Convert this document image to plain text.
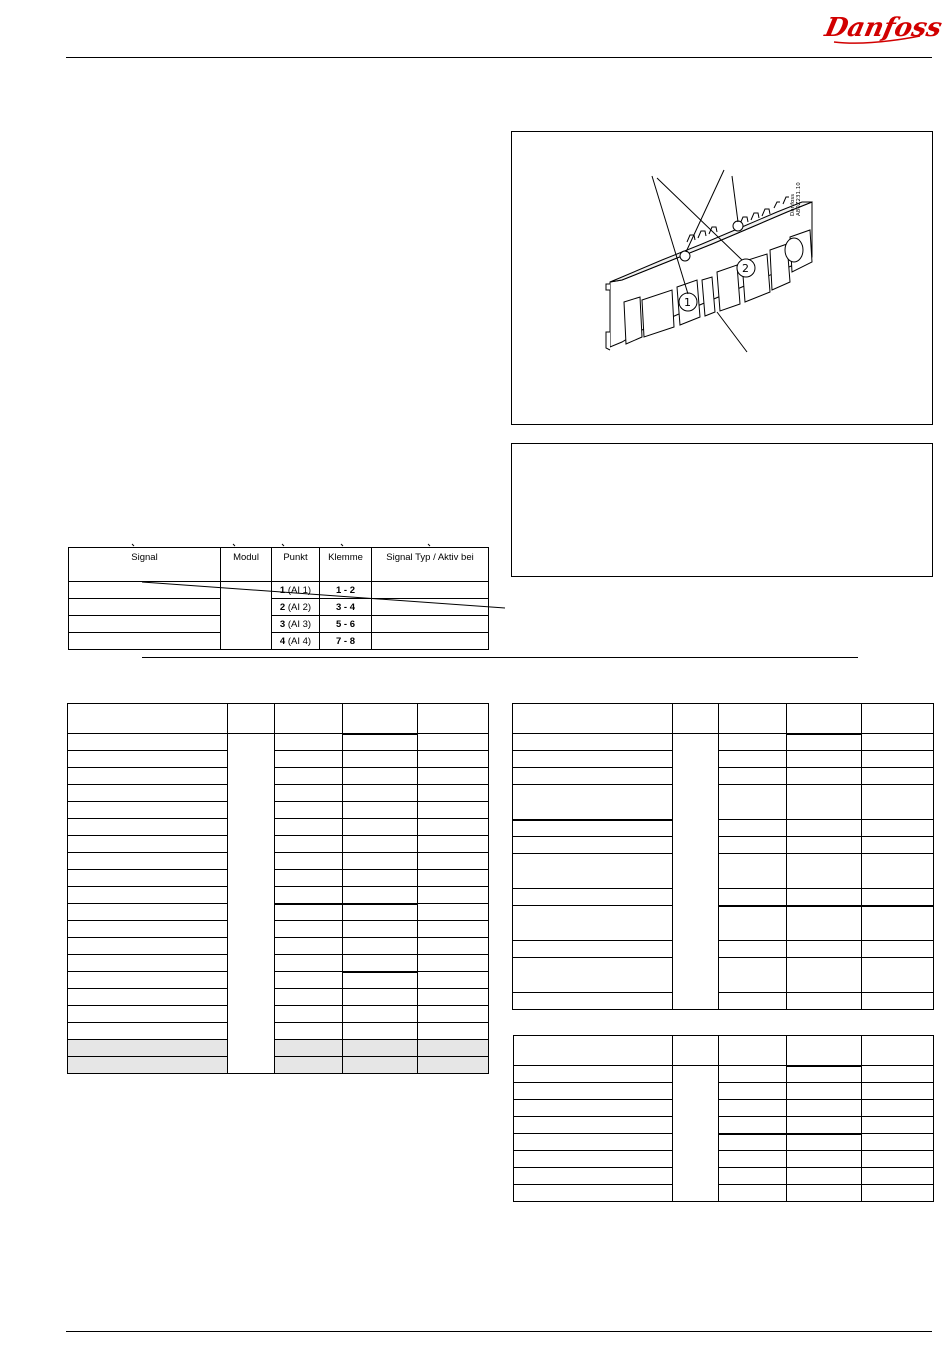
Danfoss
1
2
Danfoss A80Z231.10
Signal	Modul	Punkt	Klemme	Signal Typ / Aktiv bei
		1 (AI 1)	1 - 2	
		2 (AI 2)	3 - 4	
		3 (AI 3)	5 - 6	
		4 (AI 4)	7 - 8	
